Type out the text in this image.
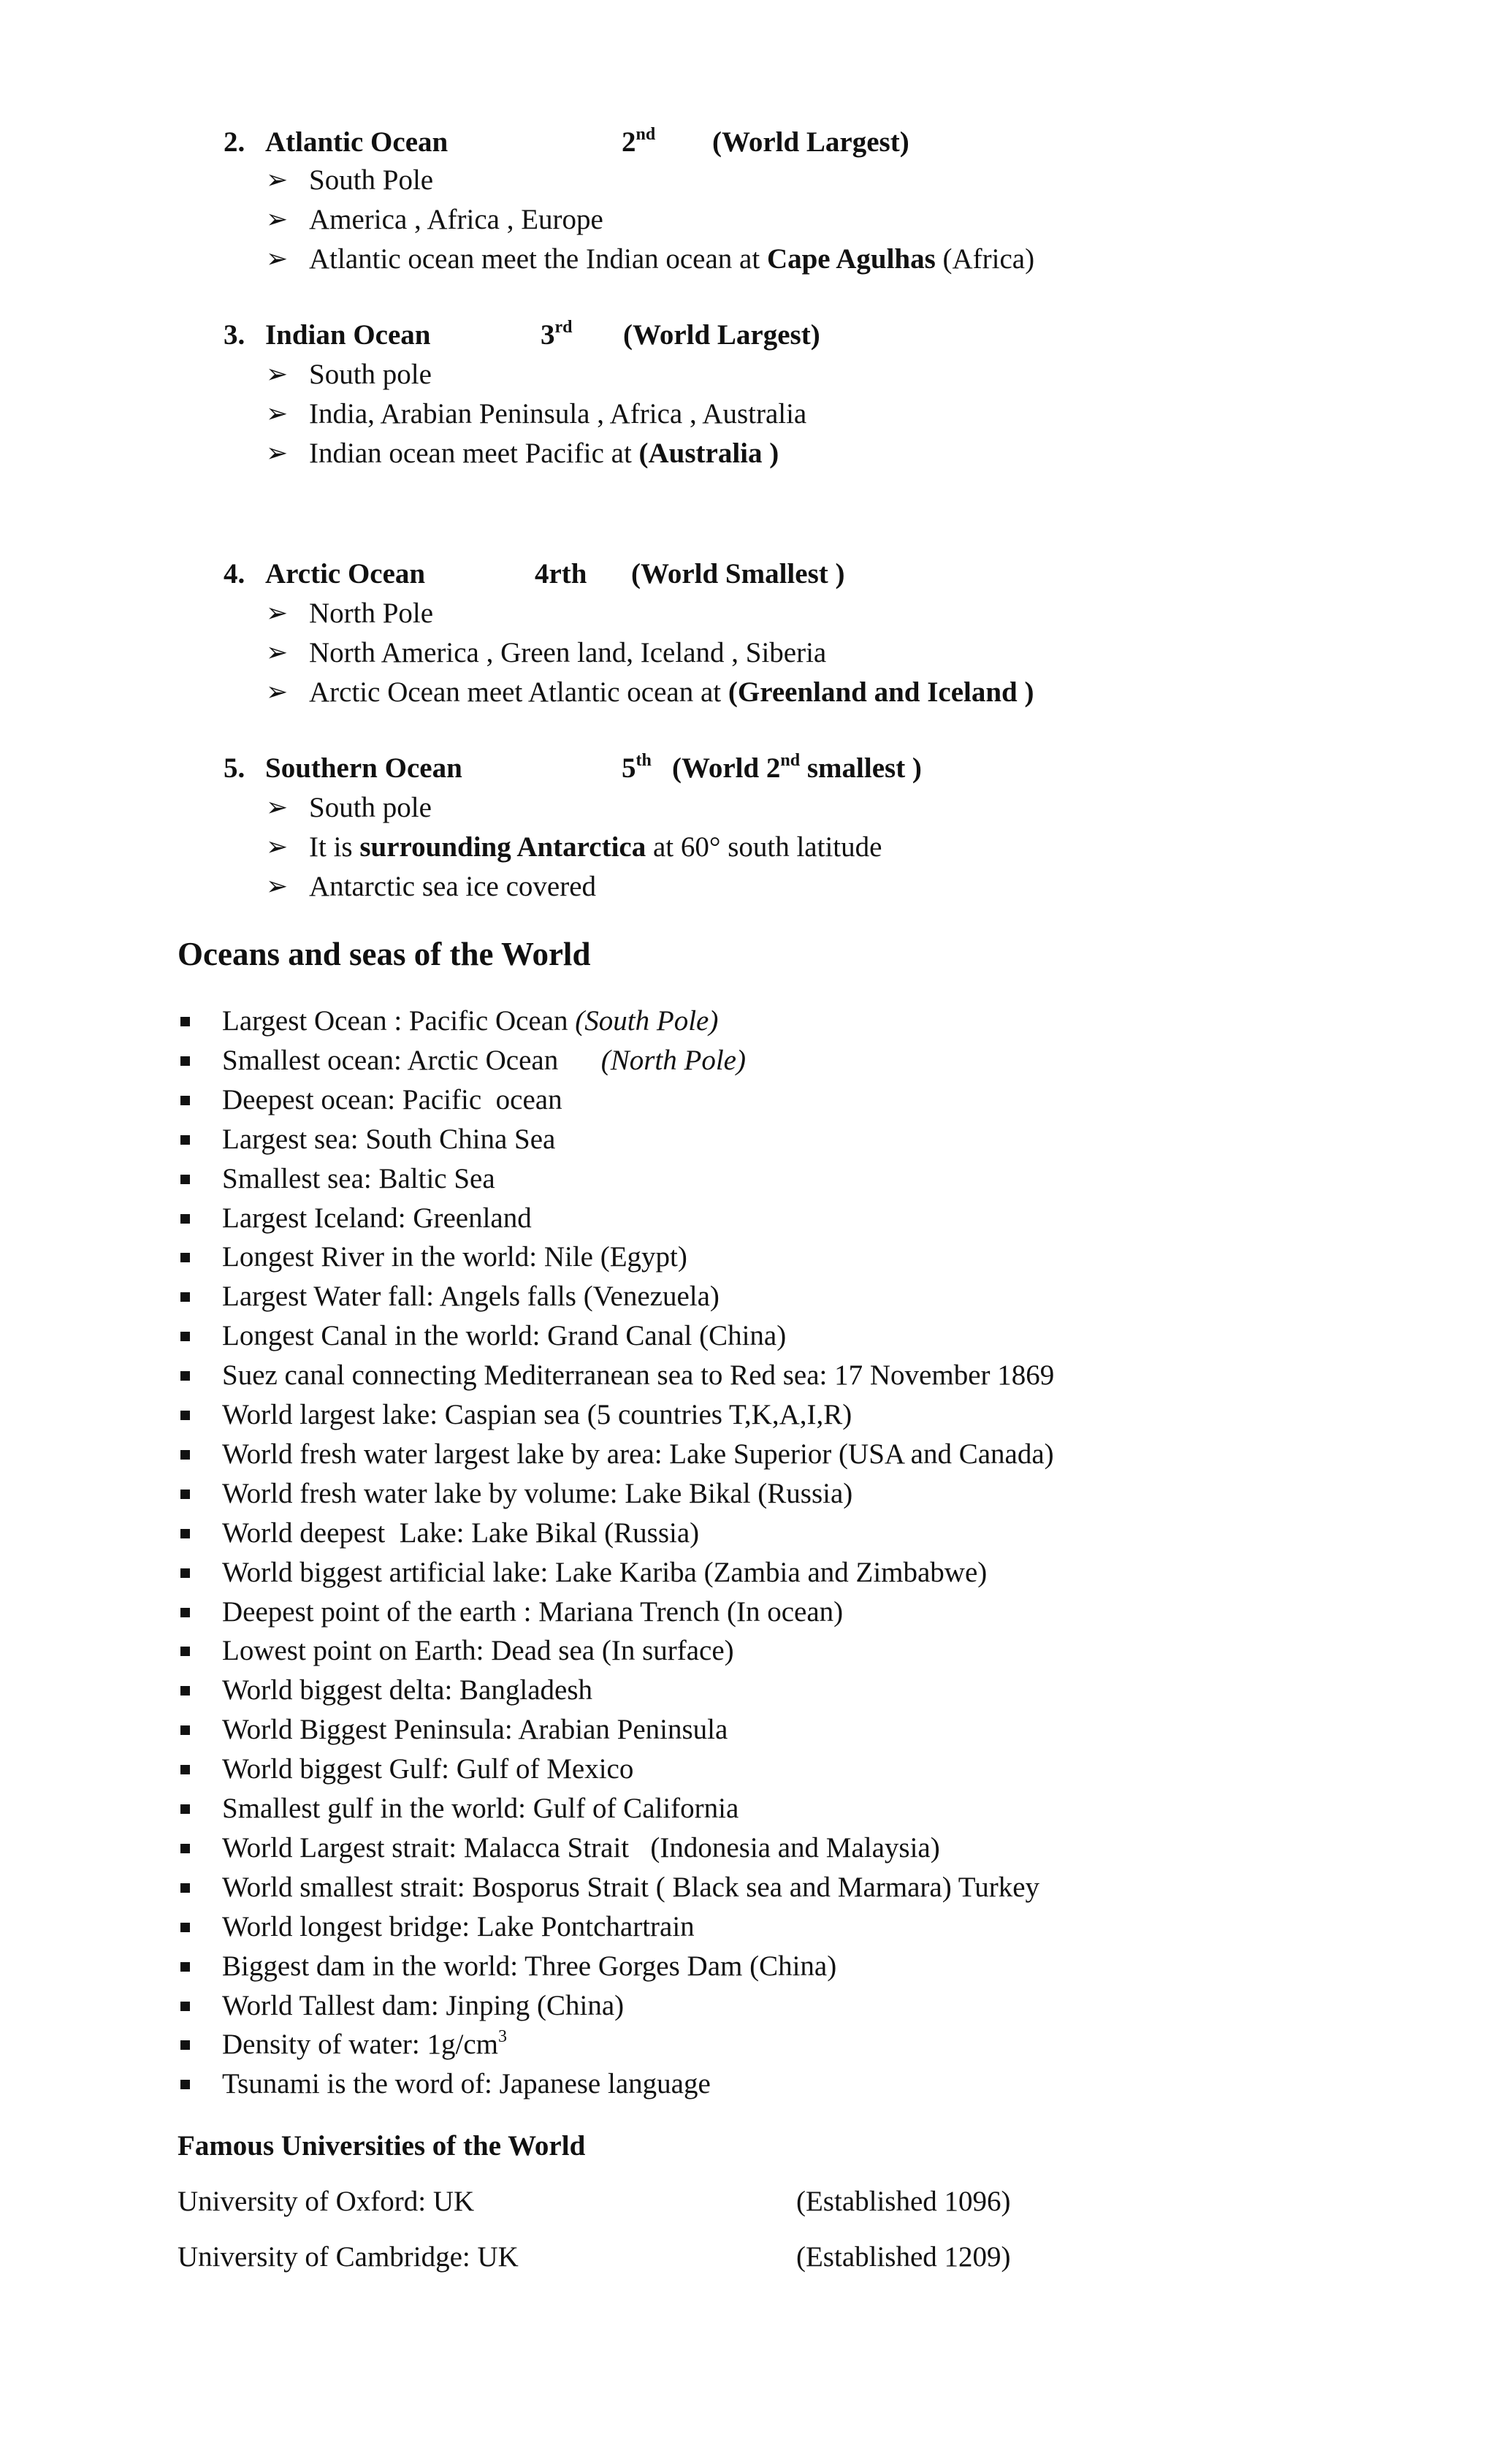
2. Atlantic Ocean	2nd (World Largest)
➢ South Pole
➢ America , Africa , Europe
➢ Atlantic ocean meet the Indian ocean at Cape Agulhas (Africa)
3. Indian Ocean	3rd (World Largest)
➢ South pole
➢ India, Arabian Peninsula , Africa , Australia
➢ Indian ocean meet Pacific at (Australia )
4. Arctic Ocean	4rth (World Smallest )
➢ North Pole
➢ North America , Green land, Iceland , Siberia
➢ Arctic Ocean meet Atlantic ocean at (Greenland and Iceland )
5. Southern Ocean	5th (World 2nd smallest )
➢ South pole
➢ It is surrounding Antarctica at 60° south latitude
➢ Antarctic sea ice covered
Oceans and seas of the World
Largest Ocean : Pacific Ocean (South Pole)
Smallest ocean: Arctic Ocean      (North Pole)
Deepest ocean: Pacific  ocean
Largest sea: South China Sea
Smallest sea: Baltic Sea
Largest Iceland: Greenland
Longest River in the world: Nile (Egypt)
Largest Water fall: Angels falls (Venezuela)
Longest Canal in the world: Grand Canal (China)
Suez canal connecting Mediterranean sea to Red sea: 17 November 1869
World largest lake: Caspian sea (5 countries T,K,A,I,R)
World fresh water largest lake by area: Lake Superior (USA and Canada)
World fresh water lake by volume: Lake Bikal (Russia)
World deepest  Lake: Lake Bikal (Russia)
World biggest artificial lake: Lake Kariba (Zambia and Zimbabwe)
Deepest point of the earth : Mariana Trench (In ocean)
Lowest point on Earth: Dead sea (In surface)
World biggest delta: Bangladesh
World Biggest Peninsula: Arabian Peninsula
World biggest Gulf: Gulf of Mexico
Smallest gulf in the world: Gulf of California
World Largest strait: Malacca Strait   (Indonesia and Malaysia)
World smallest strait: Bosporus Strait ( Black sea and Marmara) Turkey
World longest bridge: Lake Pontchartrain
Biggest dam in the world: Three Gorges Dam (China)
World Tallest dam: Jinping (China)
Density of water: $1g/cm^3$
Tsunami is the word of: Japanese language
Famous Universities of the World
University of Oxford: UK	(Established 1096)
University of Cambridge: UK	(Established 1209)
